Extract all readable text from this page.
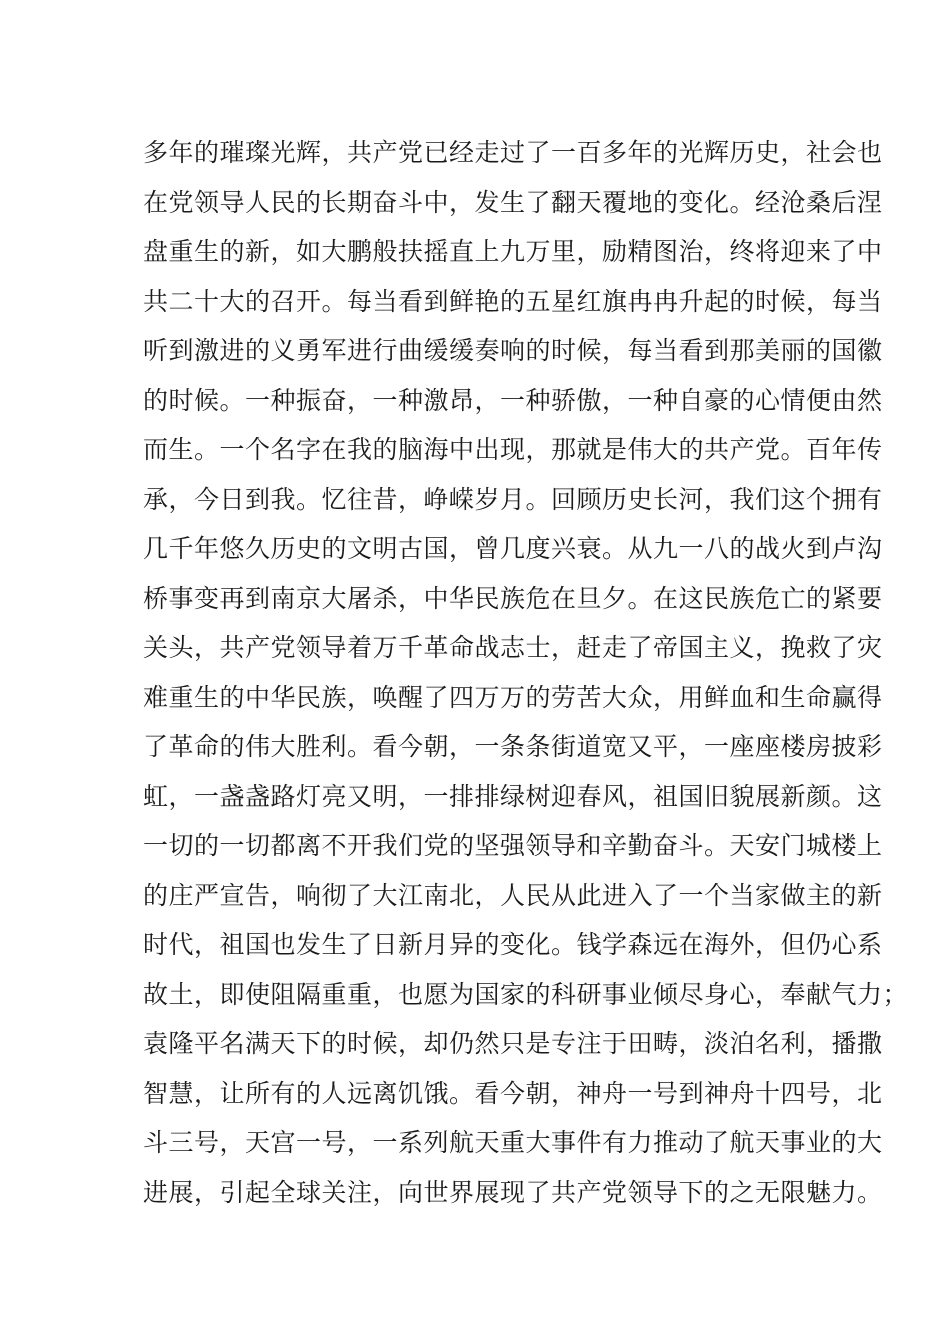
多年的璀璨光辉，共产党已经走过了一百多年的光辉历史，社会也
在党领导人民的长期奋斗中，发生了翻天覆地的变化。经沧桑后涅
盘重生的新，如大鹏般扶摇直上九万里，励精图治，终将迎来了中
共二十大的召开。每当看到鲜艳的五星红旗冉冉升起的时候，每当
听到激进的义勇军进行曲缓缓奏响的时候，每当看到那美丽的国徽
的时候。一种振奋，一种激昂，一种骄傲，一种自豪的心情便由然
而生。一个名字在我的脑海中出现，那就是伟大的共产党。百年传
承，今日到我。忆往昔，峥嵘岁月。回顾历史长河，我们这个拥有
几千年悠久历史的文明古国，曾几度兴衰。从九一八的战火到卢沟
桥事变再到南京大屠杀，中华民族危在旦夕。在这民族危亡的紧要
关头，共产党领导着万千革命战志士，赶走了帝国主义，挽救了灾
难重生的中华民族，唤醒了四万万的劳苦大众，用鲜血和生命赢得
了革命的伟大胜利。看今朝，一条条街道宽又平，一座座楼房披彩
虹，一盏盏路灯亮又明，一排排绿树迎春风，祖国旧貌展新颜。这
一切的一切都离不开我们党的坚强领导和辛勤奋斗。天安门城楼上
的庄严宣告，响彻了大江南北，人民从此进入了一个当家做主的新
时代，祖国也发生了日新月异的变化。钱学森远在海外，但仍心系
故土，即使阻隔重重，也愿为国家的科研事业倾尽身心，奉献气力；
袁隆平名满天下的时候，却仍然只是专注于田畴，淡泊名利，播撒
智慧，让所有的人远离饥饿。看今朝，神舟一号到神舟十四号，北
斗三号，天宫一号，一系列航天重大事件有力推动了航天事业的大
进展，引起全球关注，向世界展现了共产党领导下的之无限魅力。
